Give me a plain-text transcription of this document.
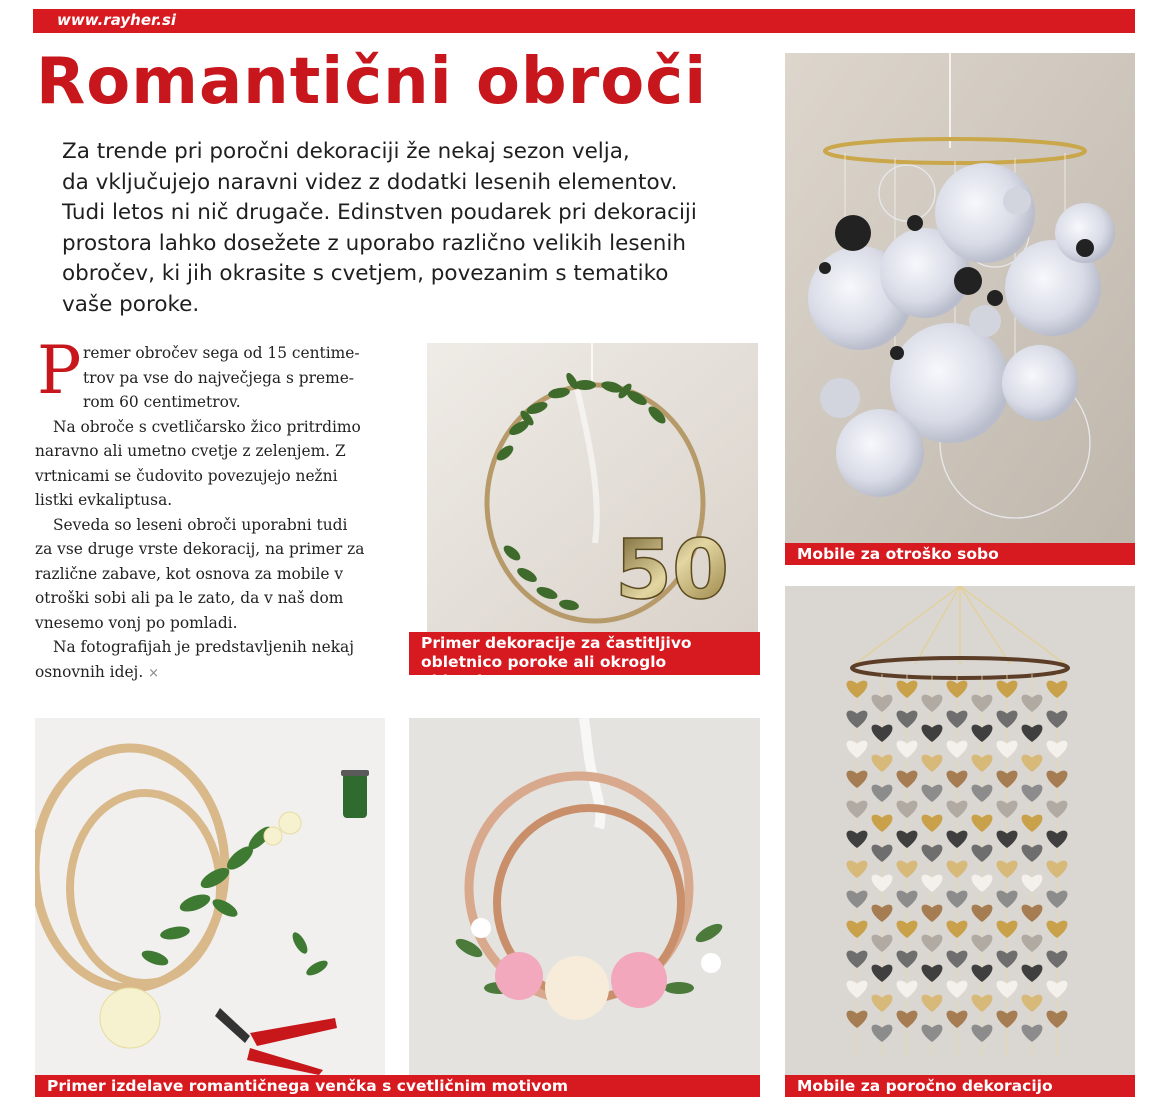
www.rayher.si
Romantični obroči
Za trende pri poročni dekoraciji že nekaj sezon velja,
da vključujejo naravni videz z dodatki lesenih elementov.
Tudi letos ni nič drugače. Edinstven poudarek pri dekoraciji
prostora lahko dosežete z uporabo različno velikih lesenih
obročev, ki jih okrasite s cvetjem, povezanim s tematiko
vaše poroke.
P remer obročev sega od 15 centime-
trov pa vse do največjega s preme-
rom 60 centimetrov.
Na obroče s cvetličarsko žico pritrdimo
naravno ali umetno cvetje z zelenjem. Z
vrtnicami se čudovito povezujejo nežni
listki evkaliptusa.
Seveda so leseni obroči uporabni tudi
za vse druge vrste dekoracij, na primer za
različne zabave, kot osnova za mobile v
otroški sobi ali pa le zato, da v naš dom
vnesemo vonj po pomladi.
Na fotografijah je predstavljenih nekaj
osnovnih idej. ×
50
Primer dekoracije za častitljivo
obletnico poroke ali okroglo obletnico
Mobile za otroško sobo
Mobile za poročno dekoracijo
Primer izdelave romantičnega venčka s cvetličnim motivom
